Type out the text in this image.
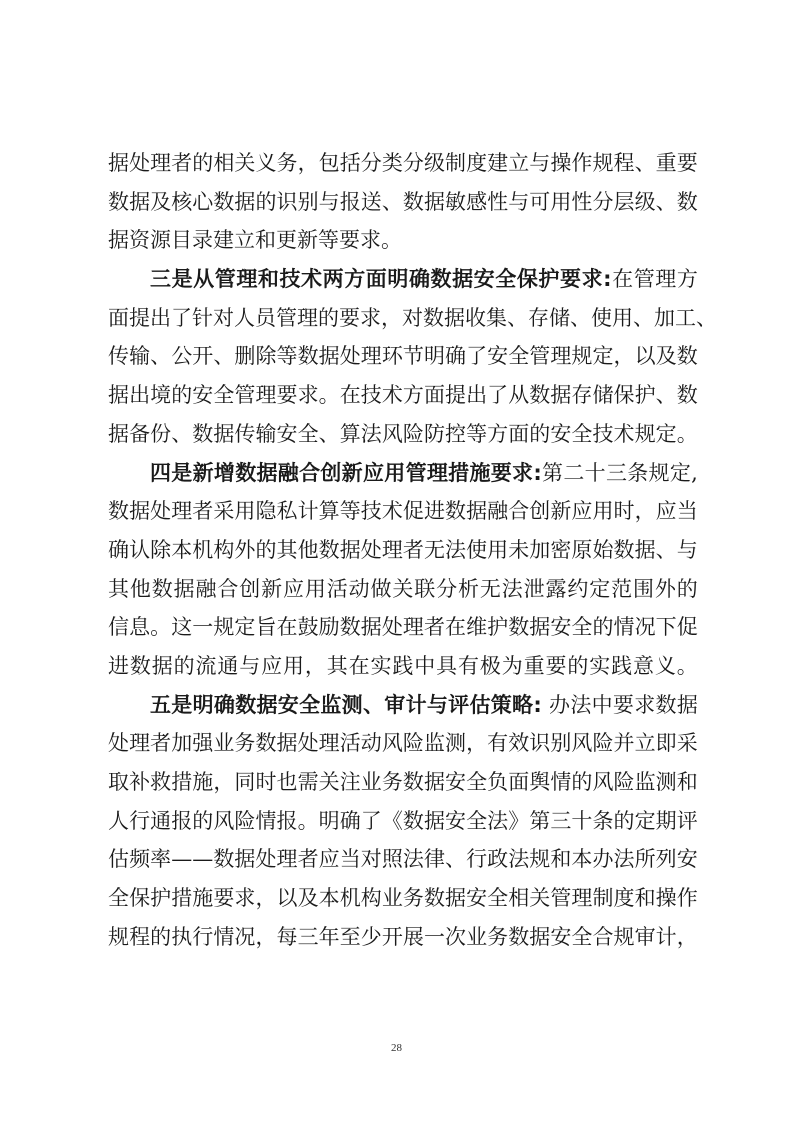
据 处 理 者 的 相 关 义 务 ， 包 括 分 类 分 级 制 度 建 立 与 操 作 规 程 、 重 要
数 据 及 核 心 数 据 的 识 别 与 报 送 、 数 据 敏 感 性 与 可 用 性 分 层 级 、 数
据 资 源 目 录 建 立 和 更 新 等 要 求 。
三 是 从 管 理 和 技 术 两 方 面 明 确 数 据 安 全 保 护 要 求 : 在 管 理 方
面 提 出 了 针 对 人 员 管 理 的 要 求 ， 对 数 据 收 集 、 存 储 、 使 用 、 加 工 、
传 输 、 公 开 、 删 除 等 数 据 处 理 环 节 明 确 了 安 全 管 理 规 定 ， 以 及 数
据 出 境 的 安 全 管 理 要 求 。 在 技 术 方 面 提 出 了 从 数 据 存 储 保 护 、 数
据 备 份 、 数 据 传 输 安 全 、 算 法 风 险 防 控 等 方 面 的 安 全 技 术 规 定 。
四 是 新 增 数 据 融 合 创 新 应 用 管 理 措 施 要 求 : 第 二 十 三 条 规 定 ,
数 据 处 理 者 采 用 隐 私 计 算 等 技 术 促 进 数 据 融 合 创 新 应 用 时 ， 应 当
确 认 除 本 机 构 外 的 其 他 数 据 处 理 者 无 法 使 用 未 加 密 原 始 数 据 、 与
其 他 数 据 融 合 创 新 应 用 活 动 做 关 联 分 析 无 法 泄 露 约 定 范 围 外 的
信 息 。 这 一 规 定 旨 在 鼓 励 数 据 处 理 者 在 维 护 数 据 安 全 的 情 况 下 促
进 数 据 的 流 通 与 应 用 ， 其 在 实 践 中 具 有 极 为 重 要 的 实 践 意 义 。
五 是 明 确 数 据 安 全 监 测 、 审 计 与 评 估 策 略 :
办 法 中 要 求 数 据
处 理 者 加 强 业 务 数 据 处 理 活 动 风 险 监 测 ， 有 效 识 别 风 险 并 立 即 采
取 补 救 措 施 ， 同 时 也 需 关 注 业 务 数 据 安 全 负 面 舆 情 的 风 险 监 测 和
人 行 通 报 的 风 险 情 报 。 明 确 了 《 数 据 安 全 法 》 第 三 十 条 的 定 期 评
估 频 率 — — 数 据 处 理 者 应 当 对 照 法 律 、 行 政 法 规 和 本 办 法 所 列 安
全 保 护 措 施 要 求 ， 以 及 本 机 构 业 务 数 据 安 全 相 关 管 理 制 度 和 操 作
规 程 的 执 行 情 况 ， 每 三 年 至 少 开 展 一 次 业 务 数 据 安 全 合 规 审 计 ，
28
